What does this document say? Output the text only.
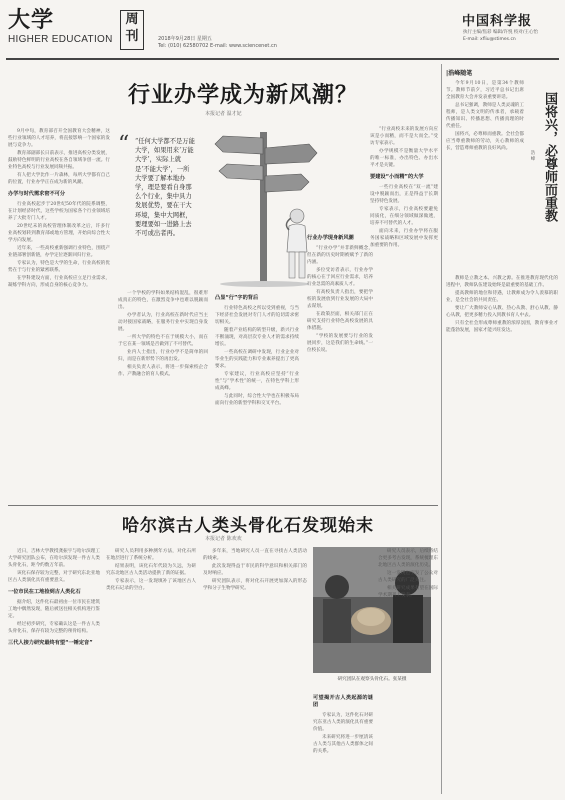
大学
HIGHER EDUCATION
周刊	2018年9月28日 星期五
Tel: (010) 62580702 E-mail: www.sciencenet.cn
中国科学报
执行主编/焦彩 编辑/许悦 校对/王心怡
E-mail: xfliu@stimes.cn
行业办学成为新风潮？
本报记者 温才妃

9月中旬，教育部召开全国教育大会精神，这些行业领域的人才培养，将直接影响一个国家的发展与竞争力。

教育部副部长日前表示，推进高校分类发展，鼓励特色鲜明的行业高校在各自领域争创一流。行业特色高校与行业发展同频共振。

有人把大学比作一片森林，每所大学都有自己的位置，行业办学正在成为新的风潮。

办学与时代需求密不可分

行业高校起步于20世纪50年代的院系调整，在计划经济时代，这些学校为国家各个行业领域培养了大批专门人才。

20世纪末的高校管理体制改革之后，许多行业高校划转到教育部或地方管理，开始向综合性大学方向发展。

近年来，一些高校重新强调行业特色，围绕产业链部署创新链，办学定位逐渐回归行业。

专家认为，特色是大学的生命，行业高校的优势在于与行业的紧密联系。

在学科建设方面，行业高校应立足行业需求，凝练学科方向，形成自身的核心竞争力。

“ “任何大学都不是万能大学，如果用来‘万能大学’，实际上就是‘不能大学’，一所大学要了解本地办学，理是要看自身那么个行业，集中具力发展优势，要在干大环境，集中大网框，要理要如一进路上去不可或出者再。

一个学校的学科如果结构混乱，很难形成真正的特色，在激烈竞争中也难以脱颖而出。

办学者认为，行业高校在新时代应当主动对接国家战略，在服务行业中实现自身发展。

一所大学的特色不在于规模大小，而在于它在某一领域是否做到了不可替代。

业内人士指出，行业办学不是简单的回归，而是在新形势下的再出发。

相关负责人表示，将进一步探索校企合作、产教融合的育人模式。

凸显“行”字的背后

行业特色高校之所以受到重视，与当下经济社会发展对专门人才的迫切需求密切相关。

随着产业结构的转型升级，新兴行业不断涌现，对高层次专业人才的需求持续增长。

一些高校在调研中发现，行业企业对毕业生的实践能力和专业素养提出了更高要求。

专家建议，行业高校应坚持“行业性”与“学术性”的统一，在特色学科上形成高峰。

与此同时，综合性大学也在积极布局面向行业的新型学科和交叉平台。

行业办学现身新风潮

“行业办学”并非新鲜概念，但在新的历史时期被赋予了新的内涵。

多位受访者表示，行业办学的核心在于回应行业需求，培养行业急需的高素质人才。

有高校负责人指出，要把学校的发展放到行业发展的大局中去谋划。

在政策层面，相关部门正在研究支持行业特色高校发展的具体措施。

“学校的发展要与行业的发展同步，这是我们的生命线。”一位校长说。

“行业高校未来的发展方向应该是小而精，而不是大而全。”受访专家表示。

办学规模不是衡量大学水平的唯一标准，办出特色、办出水平才是关键。

要建设“小而精”的大学

一些行业高校在“双一流”建设中脱颖而出，正是得益于长期坚持特色发展。

专家表示，行业高校要避免同质化，在细分领域做深做透，培养不可替代的人才。

面向未来，行业办学将在服务国家战略和区域发展中发挥更加重要的作用。

哈尔滨古人类头骨化石发现始末
本报记者 陈欢欢

近日，吉林大学教授龚振宇与哈尔滨理工大学研究团队公布，在哈尔滨发现一件古人类头骨化石，距今约数万年前。

该化石保存较为完整，对于研究东北亚地区古人类演化具有重要意义。

一位市民在工地捡到古人类化石

据介绍，这件化石最初由一位市民在建筑工地中偶然发现，随后被送往相关机构进行鉴定。

经过初步研究，专家确认这是一件古人类头骨化石，保存有较为完整的颅骨结构。

三代人接力研究最终有望“一锤定音”

研究人员利用多种测年方法，对化石所在地层进行了系统分析。

结果表明，该化石年代较为久远，为研究东北地区古人类活动提供了新的证据。

专家表示，这一发现填补了该地区古人类化石记录的空白。

多年来，当地研究人员一直在寻找古人类活动的线索。

此次发现得益于市民的科学意识和相关部门的及时响应。

研究团队表示，将对化石开展更加深入的形态学和分子生物学研究。

研究团队在观察头骨化石。张某摄
可望揭开古人类起源的谜团

专家认为，这件化石对研究东亚古人类的演化具有重要价值。

未来研究将进一步厘清该古人类与其他古人类群体之间的关系。

研究人员表示，后续将结合更多考古发现，系统梳理东北地区古人类的演化历史。

这一发现也引发了公众对古人类研究的广泛关注。

相关研究成果有望在国际学术期刊上发表。

|浩峰随笔
国将兴，必尊师而重教
浩 峰

今年9月10日，是第34个教师节。教师节前夕，习近平总书记出席全国教育大会并发表重要讲话。

总书记强调，教师是人类灵魂的工程师，是人类文明的传承者，承载着传播知识、传播思想、传播真理的时代重任。

国将兴，必尊师而重教。全社会都应当尊重教师的劳动，关心教师的成长，营造尊师重教的良好风尚。

教师是立教之本、兴教之源。在推进教育现代化的进程中，教师队伍建设始终是最重要的基础工作。

提高教师的地位和待遇，让教师成为令人羡慕的职业，是全社会的共同责任。

要让广大教师安心从教、热心从教、舒心从教、静心从教，把更多精力投入到教书育人中去。

只有全社会形成尊师重教的浓厚氛围，教育事业才能蓬勃发展，国家才能兴旺发达。
